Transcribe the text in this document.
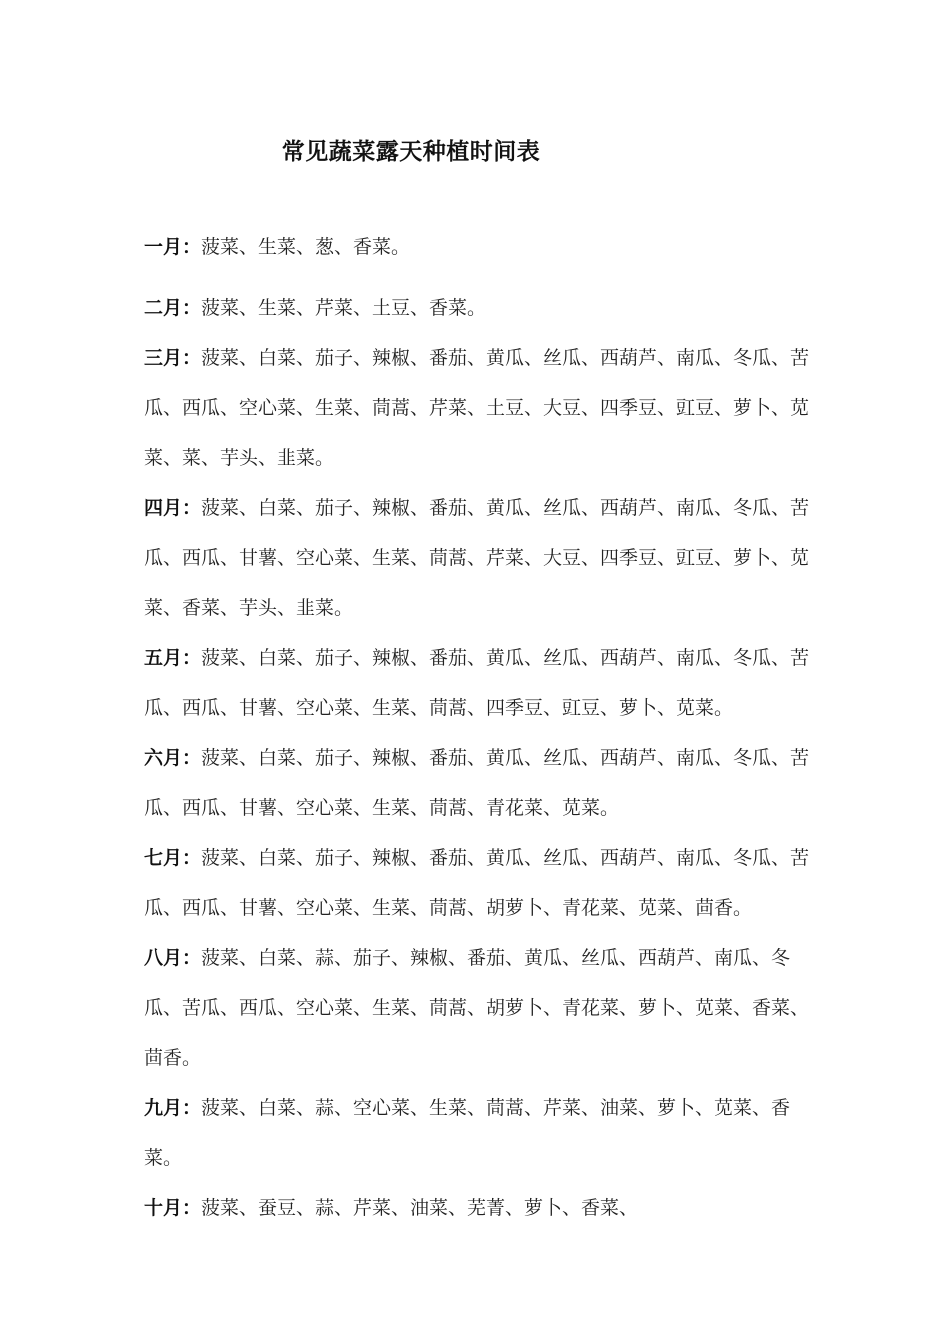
常见蔬菜露天种植时间表

一月：菠菜、生菜、葱、香菜。

二月：菠菜、生菜、芹菜、土豆、香菜。

三月：菠菜、白菜、茄子、辣椒、番茄、黄瓜、丝瓜、西葫芦、南瓜、冬瓜、苦瓜、西瓜、空心菜、生菜、茼蒿、芹菜、土豆、大豆、四季豆、豇豆、萝卜、苋菜、菜、芋头、韭菜。

四月：菠菜、白菜、茄子、辣椒、番茄、黄瓜、丝瓜、西葫芦、南瓜、冬瓜、苦瓜、西瓜、甘薯、空心菜、生菜、茼蒿、芹菜、大豆、四季豆、豇豆、萝卜、苋菜、香菜、芋头、韭菜。

五月：菠菜、白菜、茄子、辣椒、番茄、黄瓜、丝瓜、西葫芦、南瓜、冬瓜、苦瓜、西瓜、甘薯、空心菜、生菜、茼蒿、四季豆、豇豆、萝卜、苋菜。

六月：菠菜、白菜、茄子、辣椒、番茄、黄瓜、丝瓜、西葫芦、南瓜、冬瓜、苦瓜、西瓜、甘薯、空心菜、生菜、茼蒿、青花菜、苋菜。

七月：菠菜、白菜、茄子、辣椒、番茄、黄瓜、丝瓜、西葫芦、南瓜、冬瓜、苦瓜、西瓜、甘薯、空心菜、生菜、茼蒿、胡萝卜、青花菜、苋菜、茴香。

八月：菠菜、白菜、蒜、茄子、辣椒、番茄、黄瓜、丝瓜、西葫芦、南瓜、冬瓜、苦瓜、西瓜、空心菜、生菜、茼蒿、胡萝卜、青花菜、萝卜、苋菜、香菜、茴香。

九月：菠菜、白菜、蒜、空心菜、生菜、茼蒿、芹菜、油菜、萝卜、苋菜、香菜。

十月：菠菜、蚕豆、蒜、芹菜、油菜、芜菁、萝卜、香菜、
